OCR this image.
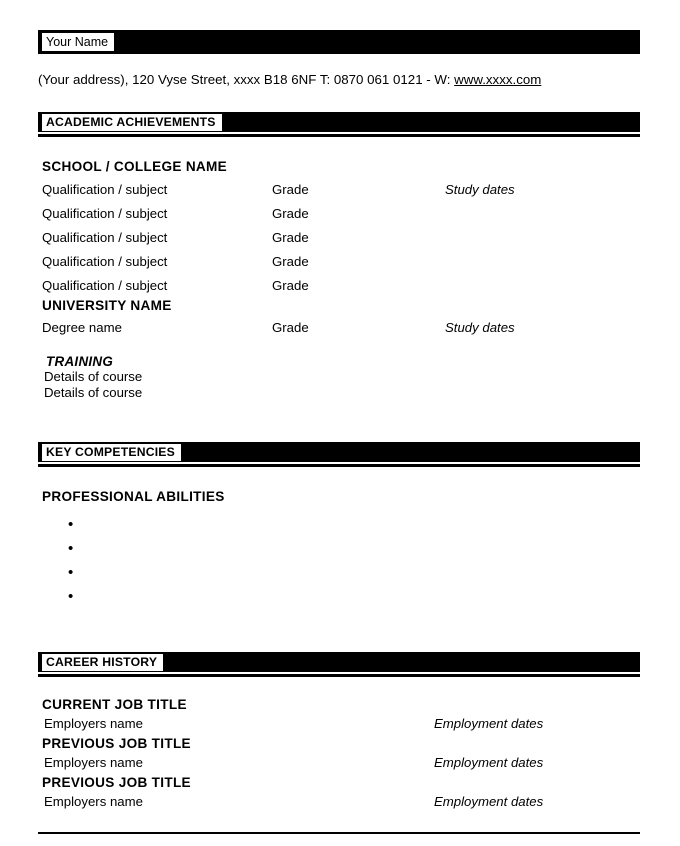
Your Name
(Your address), 120 Vyse Street, xxxx B18 6NF T: 0870 061 0121 - W: www.xxxx.com
ACADEMIC ACHIEVEMENTS
SCHOOL / COLLEGE NAME
Qualification / subject	Grade	Study dates
Qualification / subject	Grade
Qualification / subject	Grade
Qualification / subject	Grade
Qualification / subject	Grade
UNIVERSITY NAME
Degree name	Grade	Study dates
TRAINING
Details of course
Details of course
KEY COMPETENCIES
PROFESSIONAL ABILITIES
•
•
•
•
CAREER HISTORY
CURRENT JOB TITLE
Employers name	Employment dates
PREVIOUS JOB TITLE
Employers name	Employment dates
PREVIOUS JOB TITLE
Employers name	Employment dates
